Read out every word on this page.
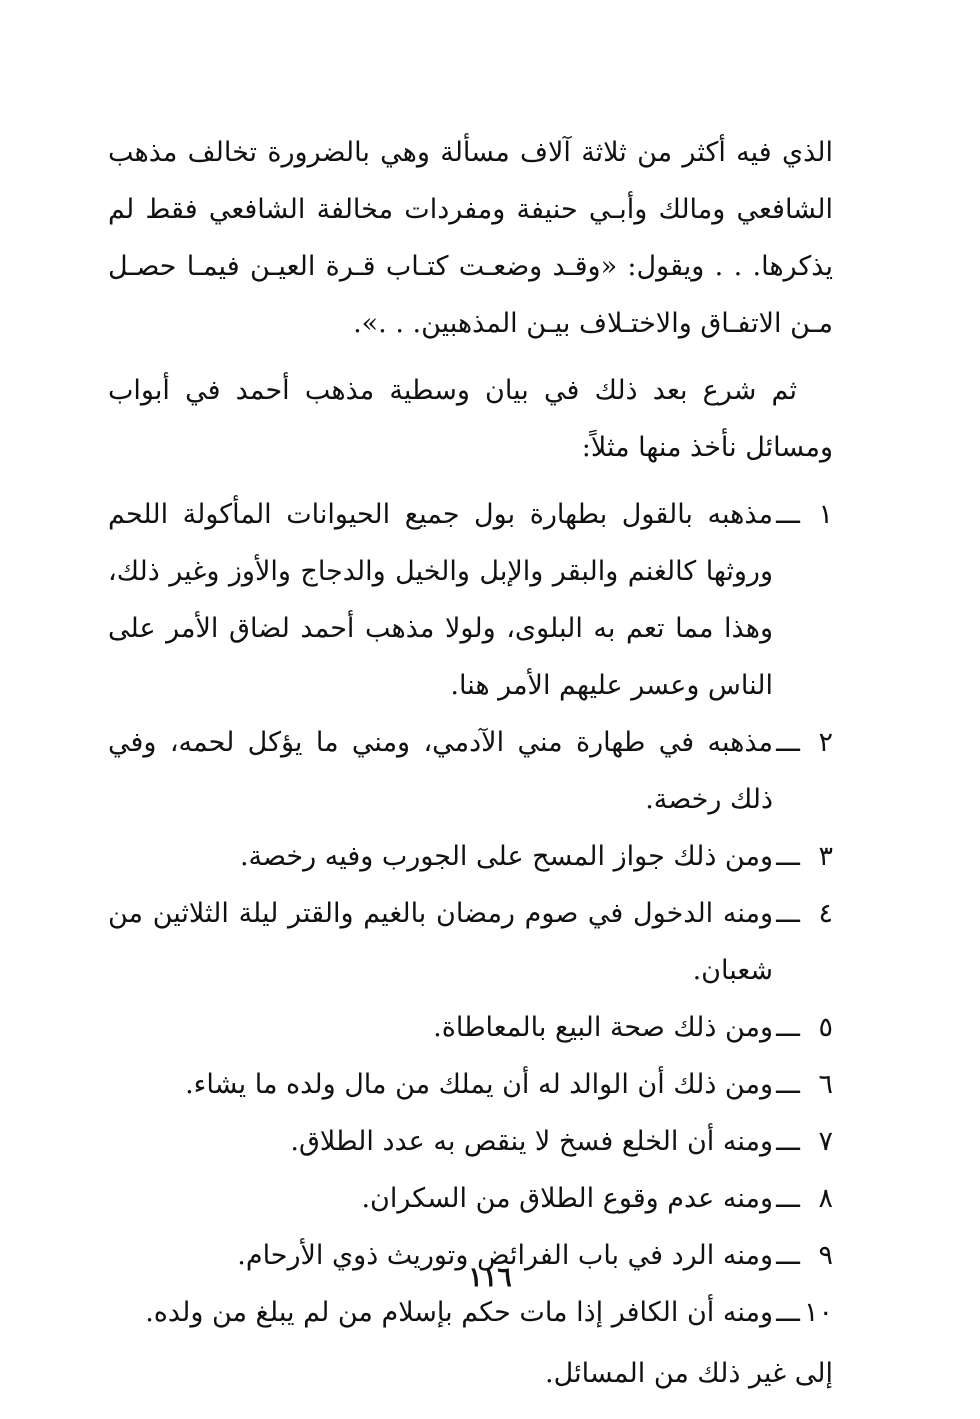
الذي فيه أكثر من ثلاثة آلاف مسألة وهي بالضرورة تخالف مذهب الشافعي ومالك وأبـي حنيفة ومفردات مخالفة الشافعي فقط لم يذكرها. . . ويقول: «وقـد وضعـت كتـاب قـرة العيـن فيمـا حصـل مـن الاتفـاق والاختـلاف بيـن المذهبين. . .».

ثم شرع بعد ذلك في بيان وسطية مذهب أحمد في أبواب ومسائل نأخذ منها مثلاً:

١
ـــ
مذهبه بالقول بطهارة بول جميع الحيوانات المأكولة اللحم وروثها كالغنم والبقر والإبل والخيل والدجاج والأوز وغير ذلك، وهذا مما تعم به البلوى، ولولا مذهب أحمد لضاق الأمر على الناس وعسر عليهم الأمر هنا.
٢
ـــ
مذهبه في طهارة مني الآدمي، ومني ما يؤكل لحمه، وفي ذلك رخصة.
٣
ـــ
ومن ذلك جواز المسح على الجورب وفيه رخصة.
٤
ـــ
ومنه الدخول في صوم رمضان بالغيم والقتر ليلة الثلاثين من شعبان.
٥
ـــ
ومن ذلك صحة البيع بالمعاطاة.
٦
ـــ
ومن ذلك أن الوالد له أن يملك من مال ولده ما يشاء.
٧
ـــ
ومنه أن الخلع فسخ لا ينقص به عدد الطلاق.
٨
ـــ
ومنه عدم وقوع الطلاق من السكران.
٩
ـــ
ومنه الرد في باب الفرائض وتوريث ذوي الأرحام.
١٠
ـــ
ومنه أن الكافر إذا مات حكم بإسلام من لم يبلغ من ولده.

إلى غير ذلك من المسائل.

١١٦
